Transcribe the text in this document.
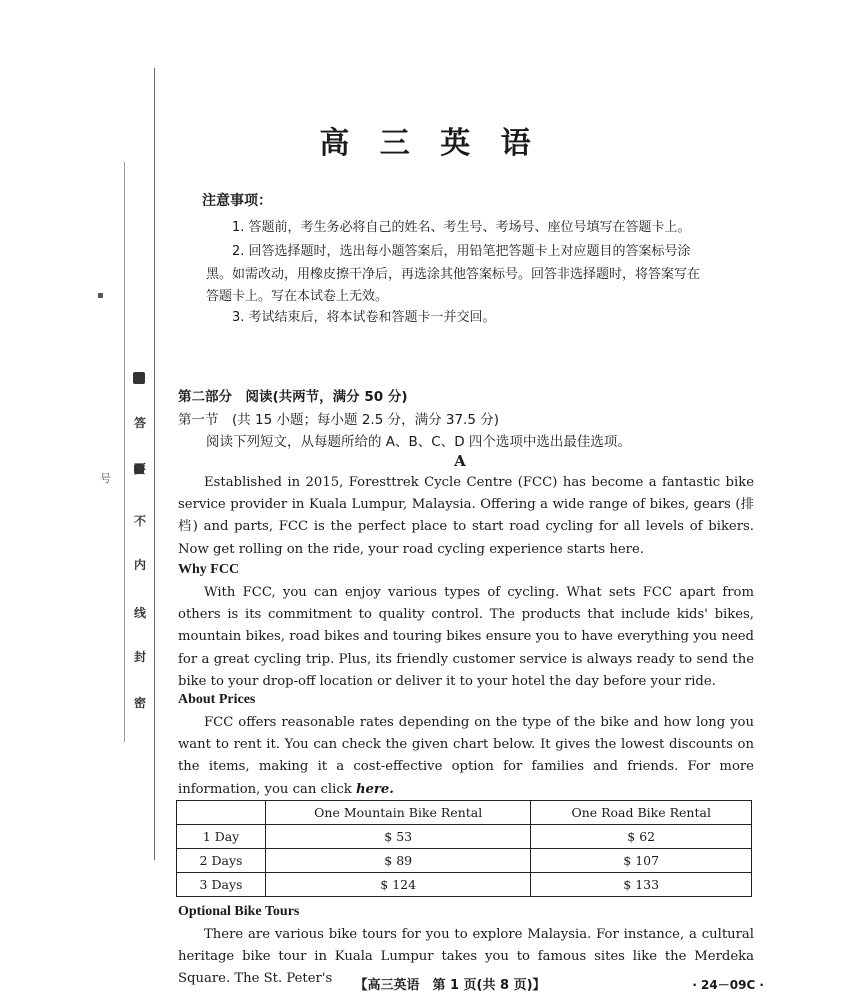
答
要
不
内
线
封
密
▪
号
高 三 英 语
注意事项：
1. 答题前，考生务必将自己的姓名、考生号、考场号、座位号填写在答题卡上。
2. 回答选择题时，选出每小题答案后，用铅笔把答题卡上对应题目的答案标号涂
黑。如需改动，用橡皮擦干净后，再选涂其他答案标号。回答非选择题时，将答案写在
答题卡上。写在本试卷上无效。
3. 考试结束后，将本试卷和答题卡一并交回。
第二部分　阅读(共两节，满分 50 分)
第一节　(共 15 小题；每小题 2.5 分，满分 37.5 分)
阅读下列短文，从每题所给的 A、B、C、D 四个选项中选出最佳选项。
A
Established in 2015, Foresttrek Cycle Centre (FCC) has become a fantastic bike service provider in Kuala Lumpur, Malaysia. Offering a wide range of bikes, gears (排档) and parts, FCC is the perfect place to start road cycling for all levels of bikers. Now get rolling on the ride, your road cycling experience starts here.
Why FCC
With FCC, you can enjoy various types of cycling. What sets FCC apart from others is its commitment to quality control. The products that include kids' bikes, mountain bikes, road bikes and touring bikes ensure you to have everything you need for a great cycling trip. Plus, its friendly customer service is always ready to send the bike to your drop-off location or deliver it to your hotel the day before your ride.
About Prices
FCC offers reasonable rates depending on the type of the bike and how long you want to rent it. You can check the given chart below. It gives the lowest discounts on the items, making it a cost-effective option for families and friends. For more information, you can click here.
	One Mountain Bike Rental	One Road Bike Rental
1 Day	$ 53	$ 62
2 Days	$ 89	$ 107
3 Days	$ 124	$ 133
Optional Bike Tours
There are various bike tours for you to explore Malaysia. For instance, a cultural heritage bike tour in Kuala Lumpur takes you to famous sites like the Merdeka Square. The St. Peter's	【高三英语　第 1 页(共 8 页)】	· 24－09C ·
